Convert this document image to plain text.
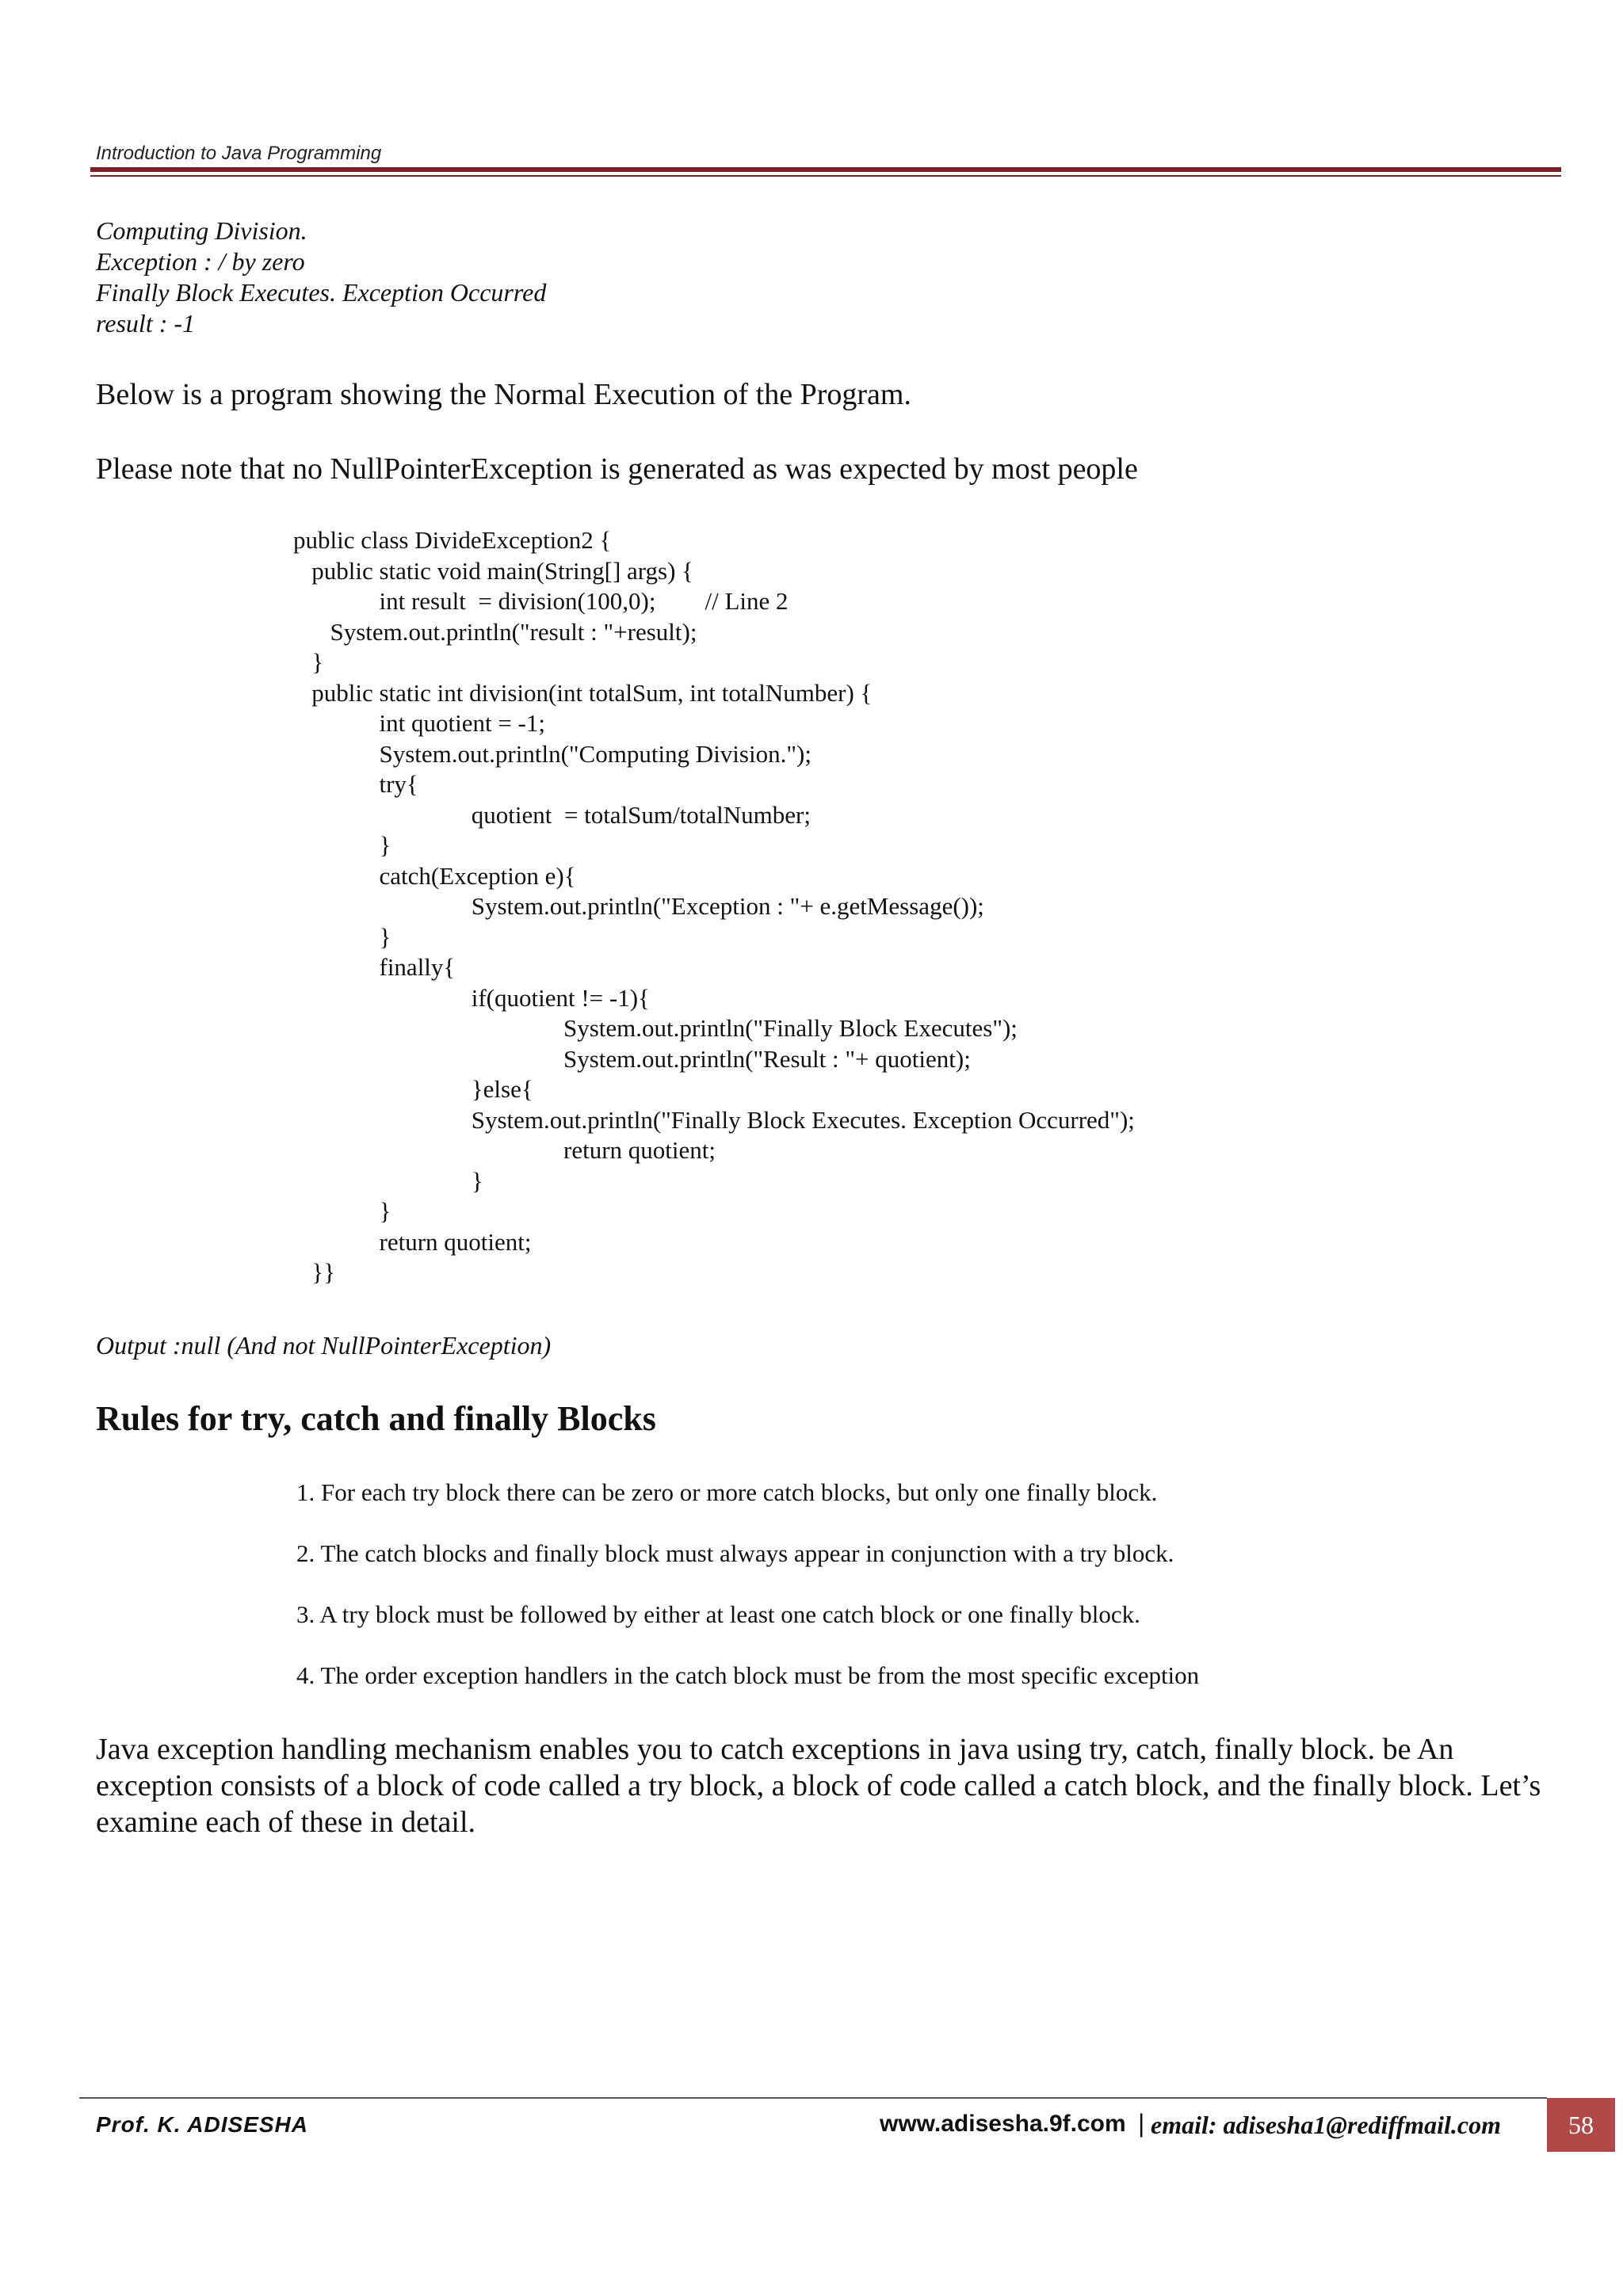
Introduction to Java Programming
Computing Division.
Exception : / by zero
Finally Block Executes. Exception Occurred
result : -1
Below is a program showing the Normal Execution of the Program.
Please note that no NullPointerException is generated as was expected by most people
public class DivideException2 {
public static void main(String[] args) {
int result  = division(100,0);        // Line 2
System.out.println("result : "+result);
}
public static int division(int totalSum, int totalNumber) {
int quotient = -1;
System.out.println("Computing Division.");
try{
quotient  = totalSum/totalNumber;
}
catch(Exception e){
System.out.println("Exception : "+ e.getMessage());
}
finally{
if(quotient != -1){
System.out.println("Finally Block Executes");
System.out.println("Result : "+ quotient);
}else{
System.out.println("Finally Block Executes. Exception Occurred");
return quotient;
}
}
return quotient;
}}
Output :null (And not NullPointerException)
Rules for try, catch and finally Blocks
1. For each try block there can be zero or more catch blocks, but only one finally block.
2. The catch blocks and finally block must always appear in conjunction with a try block.
3. A try block must be followed by either at least one catch block or one finally block.
4. The order exception handlers in the catch block must be from the most specific exception
Java exception handling mechanism enables you to catch exceptions in java using try, catch, finally block. be An exception consists of a block of code called a try block, a block of code called a catch block, and the finally block. Let’s examine each of these in detail.
Prof. K. ADISESHA	www.adisesha.9f.com | email: adisesha1@rediffmail.com	58
